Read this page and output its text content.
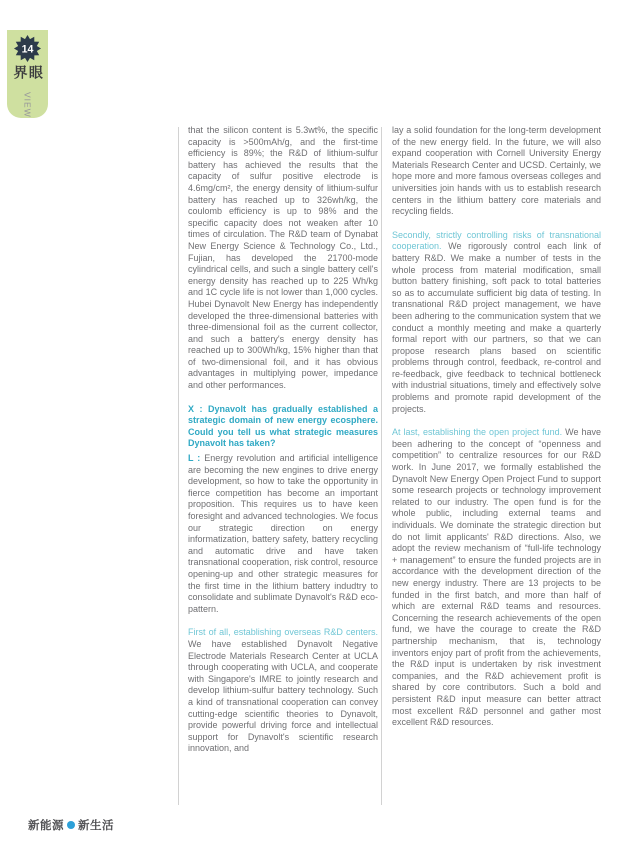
14
眼界
VIEW

that the silicon content is 5.3wt%, the specific capacity is >500mAh/g, and the first-time efficiency is 89%; the R&D of lithium-sulfur battery has achieved the results that the capacity of sulfur positive electrode is 4.6mg/cm², the energy density of lithium-sulfur battery has reached up to 326wh/kg, the coulomb efficiency is up to 98% and the specific capacity does not weaken after 10 times of circulation. The R&D team of Dynabat New Energy Science & Technology Co., Ltd., Fujian, has developed the 21700-mode cylindrical cells, and such a single battery cell's energy density has reached up to 225 Wh/kg and 1C cycle life is not lower than 1,000 cycles. Hubei Dynavolt New Energy has independently developed the three-dimensional batteries with three-dimensional foil as the current collector, and such a battery's energy density has reached up to 300Wh/kg, 15% higher than that of two-dimensional foil, and it has obvious advantages in multiplying power, impedance and other performances.

X : Dynavolt has gradually established a strategic domain of new energy ecosphere. Could you tell us what strategic measures Dynavolt has taken?

L : Energy revolution and artificial intelligence are becoming the new engines to drive energy development, so how to take the opportunity in fierce competition has become an important proposition. This requires us to have keen foresight and advanced technologies. We focus our strategic direction on energy informatization, battery safety, battery recycling and automatic drive and have taken transnational cooperation, risk control, resource opening-up and other strategic measures for the first time in the lithium battery indudtry to consolidate and sublimate Dynavolt's R&D eco-pattern.

First of all, establishing overseas R&D centers. We have established Dynavolt Negative Electrode Materials Research Center at UCLA through cooperating with UCLA, and cooperate with Singapore's IMRE to jointly research and develop lithium-sulfur battery technology. Such a kind of transnational cooperation can convey cutting-edge scientific theories to Dynavolt, provide powerful driving force and intellectual support for Dynavolt's scientific research innovation, and

lay a solid foundation for the long-term development of the new energy field. In the future, we will also expand cooperation with Cornell University Energy Materials Research Center and UCSD. Certainly, we hope more and more famous overseas colleges and universities join hands with us to establish research centers in the lithium battery core materials and recycling fields.

Secondly, strictly controlling risks of transnational cooperation. We rigorously control each link of battery R&D. We make a number of tests in the whole process from material modification, small button battery finishing, soft pack to total batteries so as to accumulate sufficient big data of testing. In transnational R&D project management, we have been adhering to the communication system that we conduct a monthly meeting and make a quarterly formal report with our partners, so that we can propose research plans based on scientific problems through control, feedback, re-control and re-feedback, give feedback to technical bottleneck with industrial situations, timely and effectively solve problems and promote rapid development of the projects.

At last, establishing the open project fund. We have been adhering to the concept of “openness and competition” to centralize resources for our R&D work. In June 2017, we formally established the Dynavolt New Energy Open Project Fund to support some research projects or technology improvement related to our industry. The open fund is for the whole public, including external teams and individuals. We dominate the strategic direction but do not limit applicants' R&D directions. Also, we adopt the review mechanism of “full-life technology + management” to ensure the funded projects are in accordance with the development direction of the new energy industry. There are 13 projects to be funded in the first batch, and more than half of which are external R&D teams and resources. Concerning the research achievements of the open fund, we have the courage to create the R&D partnership mechanism, that is, technology inventors enjoy part of profit from the achievements, the R&D input is undertaken by risk investment companies, and the R&D achievement profit is shared by core contributors. Such a bold and persistent R&D input measure can better attract most excellent R&D personnel and gather most excellent R&D resources.

新能源 新生活
